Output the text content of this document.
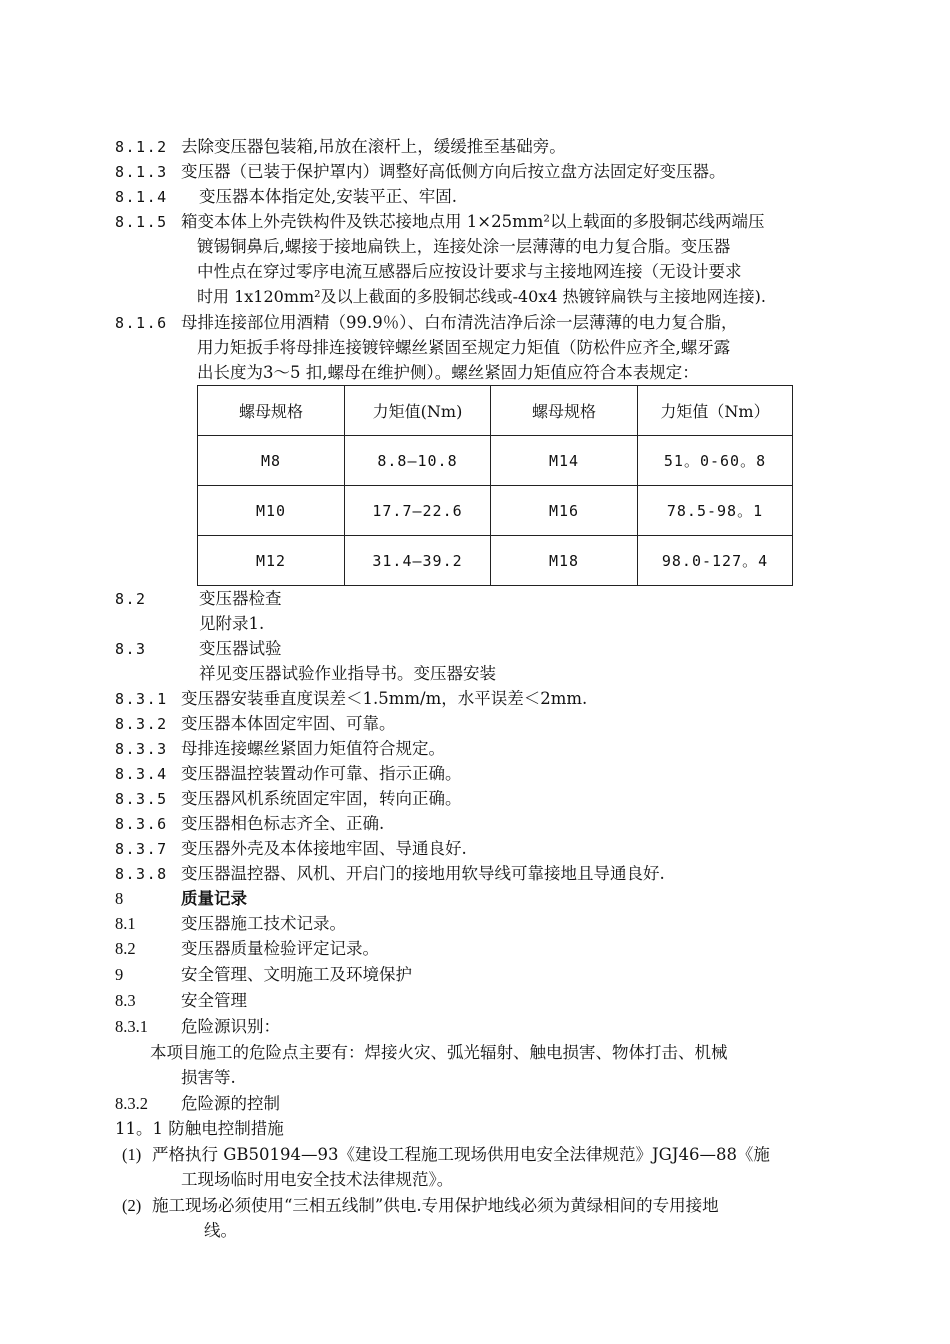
8.1.2 去除变压器包装箱,吊放在滚杆上，缓缓推至基础旁。
8.1.3 变压器（已装于保护罩内）调整好高低侧方向后按立盘方法固定好变压器。
8.1.4 变压器本体指定处,安装平正、牢固.
8.1.5 箱变本体上外壳铁构件及铁芯接地点用 1×25mm²以上载面的多股铜芯线两端压
镀锡铜鼻后,螺接于接地扁铁上，连接处涂一层薄薄的电力复合脂。变压器
中性点在穿过零序电流互感器后应按设计要求与主接地网连接（无设计要求
时用 1x120mm²及以上截面的多股铜芯线或-40x4 热镀锌扁铁与主接地网连接).
8.1.6 母排连接部位用酒精（99.9％）、白布清洗洁净后涂一层薄薄的电力复合脂，
用力矩扳手将母排连接镀锌螺丝紧固至规定力矩值（防松件应齐全,螺牙露
出长度为3～5 扣,螺母在维护侧）。螺丝紧固力矩值应符合本表规定：
螺母规格	力矩值(Nm)	螺母规格	力矩值（Nm）
M8	8.8—10.8	M14	51。0-60。8
M10	17.7—22.6	M16	78.5-98。1
M12	31.4—39.2	M18	98.0-127。4
8.2	变压器检查
见附录1.
8.3	变压器试验
祥见变压器试验作业指导书。变压器安装
8.3.1 变压器安装垂直度误差＜1.5mm/m，水平误差＜2mm.
8.3.2 变压器本体固定牢固、可靠。
8.3.3 母排连接螺丝紧固力矩值符合规定。
8.3.4 变压器温控装置动作可靠、指示正确。
8.3.5 变压器风机系统固定牢固，转向正确。
8.3.6 变压器相色标志齐全、正确.
8.3.7 变压器外壳及本体接地牢固、导通良好.
8.3.8 变压器温控器、风机、开启门的接地用软导线可靠接地且导通良好.
8	质量记录
8.1	变压器施工技术记录。
8.2	变压器质量检验评定记录。
9	安全管理、文明施工及环境保护
8.3	安全管理
8.3.1 危险源识别：
本项目施工的危险点主要有：焊接火灾、弧光辐射、触电损害、物体打击、机械
损害等.
8.3.2 危险源的控制
11。1 防触电控制措施
(1) 严格执行 GB50194—93《建设工程施工现场供用电安全法律规范》JGJ46—88《施
工现场临时用电安全技术法律规范》。
(2) 施工现场必须使用“三相五线制”供电.专用保护地线必须为黄绿相间的专用接地
线。
